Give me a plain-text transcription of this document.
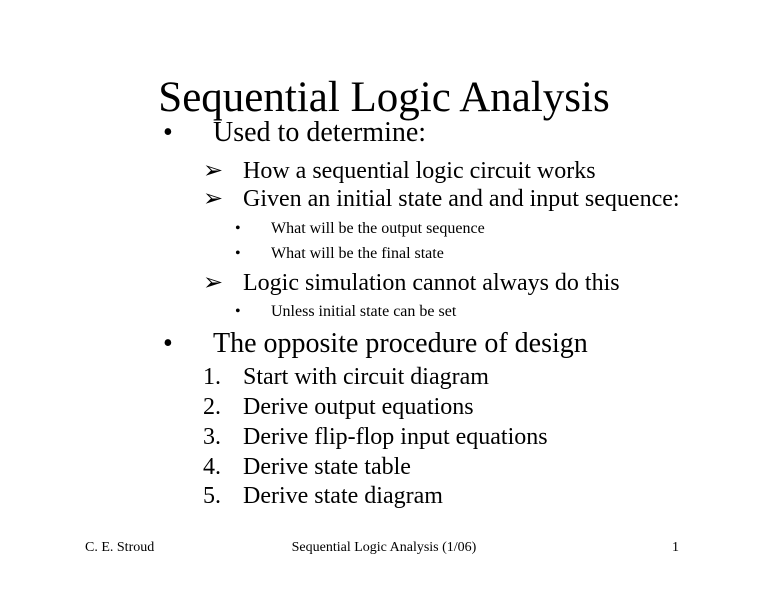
Sequential Logic Analysis
• Used to determine:
➢ How a sequential logic circuit works
➢ Given an initial state and and input sequence:
• What will be the output sequence
• What will be the final state
➢ Logic simulation cannot always do this
• Unless initial state can be set
• The opposite procedure of design
1. Start with circuit diagram
2. Derive output equations
3. Derive flip-flop input equations
4. Derive state table
5. Derive state diagram
C. E. Stroud	Sequential Logic Analysis (1/06)	1
